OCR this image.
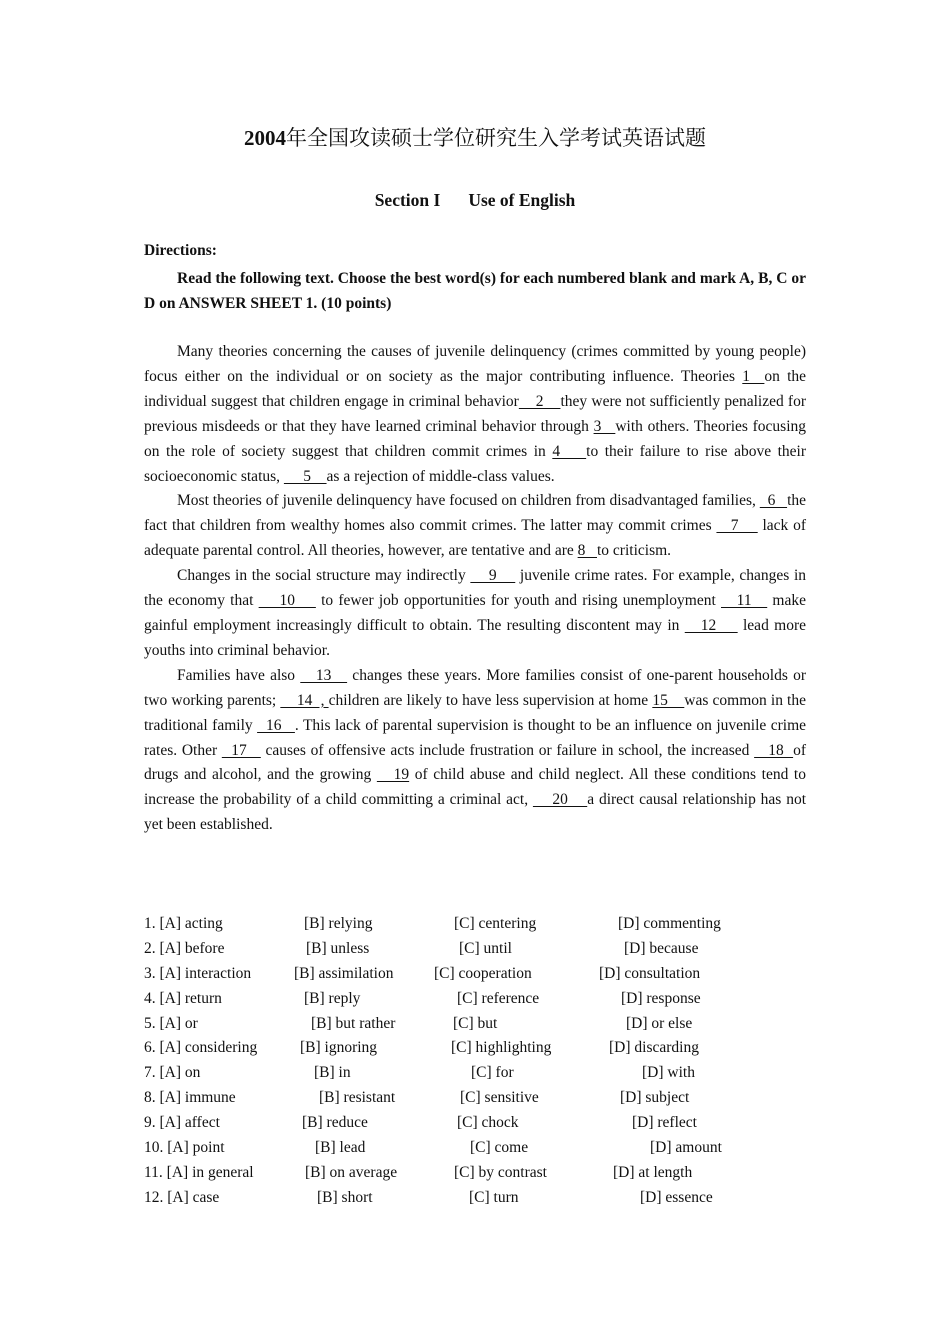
2004年全国攻读硕士学位研究生入学考试英语试题
Section I Use of English
Directions:
Read the following text. Choose the best word(s) for each numbered blank and mark A, B, C or D on ANSWER SHEET 1. (10 points)

Many theories concerning the causes of juvenile delinquency (crimes committed by young people) focus either on the individual or on society as the major contributing influence. Theories 1  on the individual suggest that children engage in criminal behavior    2    they were not sufficiently penalized for previous misdeeds or that they have learned criminal behavior through 3   with others. Theories focusing on the role of society suggest that children commit crimes in 4    to their failure to rise above their socioeconomic status,      5    as a rejection of middle-class values.

Most theories of juvenile delinquency have focused on children from disadvantaged families,   6   the fact that children from wealthy homes also commit crimes. The latter may commit crimes    7     lack of adequate parental control. All theories, however, are tentative and are 8   to criticism.

Changes in the social structure may indirectly     9     juvenile crime rates. For example, changes in the economy that     10     to fewer job opportunities for youth and rising unemployment    11    make gainful employment increasingly difficult to obtain. The resulting discontent may in    12     lead more youths into criminal behavior.

Families have also    13    changes these years. More families consist of one-parent households or two working parents;     14  , children are likely to have less supervision at home 15    was common in the traditional family   16   . This lack of parental supervision is thought to be an influence on juvenile crime rates. Other   17    causes of offensive acts include frustration or failure in school, the increased    18  of drugs and alcohol, and the growing    19 of child abuse and child neglect. All these conditions tend to increase the probability of a child committing a criminal act,     20    a direct causal relationship has not yet been established.

1. [A] acting	[B] relying	[C] centering	[D] commenting
2. [A] before	[B] unless	[C] until	[D] because
3. [A] interaction	[B] assimilation	[C] cooperation	[D] consultation
4. [A] return	[B] reply	[C] reference	[D] response
5. [A] or	[B] but rather	[C] but	[D] or else
6. [A] considering	[B] ignoring	[C] highlighting	[D] discarding
7. [A] on	[B] in	[C] for	[D] with
8. [A] immune	[B] resistant	[C] sensitive	[D] subject
9. [A] affect	[B] reduce	[C] chock	[D] reflect
10. [A] point	[B] lead	[C] come	[D] amount
11. [A] in general	[B] on average	[C] by contrast	[D] at length
12. [A] case	[B] short	[C] turn	[D] essence
